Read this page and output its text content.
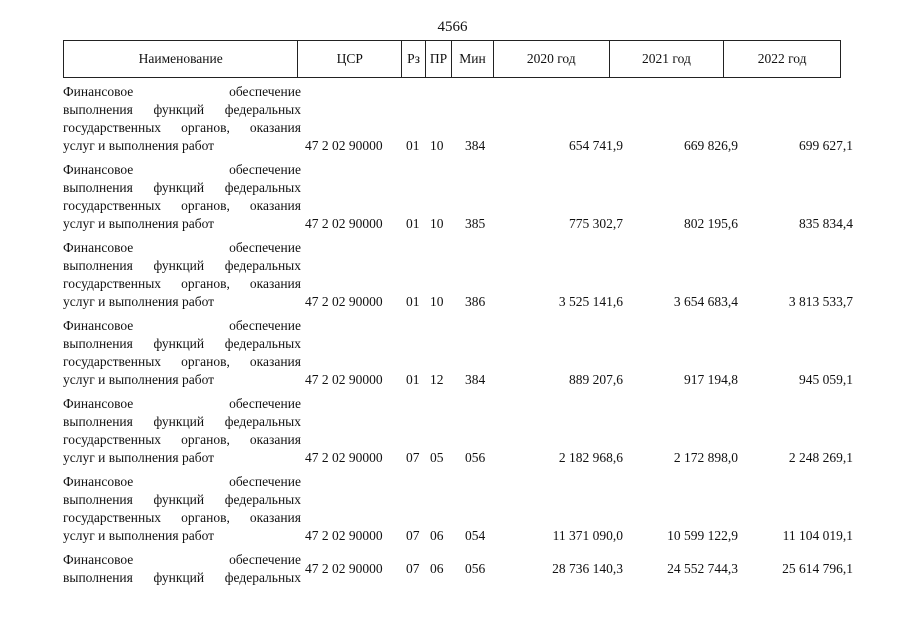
4566
Наименование	ЦСР	Рз ПР Мин	2020 год	2021 год	2022 год
Финансовое обеспечение
выполнения функций федеральных
государственных органов, оказания
услуг и выполнения работ	47 2 02 90000 01 10 384	654 741,9	669 826,9	699 627,1
Финансовое обеспечение
выполнения функций федеральных
государственных органов, оказания
услуг и выполнения работ	47 2 02 90000 01 10 385	775 302,7	802 195,6	835 834,4
Финансовое обеспечение
выполнения функций федеральных
государственных органов, оказания
услуг и выполнения работ	47 2 02 90000 01 10 386	3 525 141,6	3 654 683,4	3 813 533,7
Финансовое обеспечение
выполнения функций федеральных
государственных органов, оказания
услуг и выполнения работ	47 2 02 90000 01 12 384	889 207,6	917 194,8	945 059,1
Финансовое обеспечение
выполнения функций федеральных
государственных органов, оказания
услуг и выполнения работ	47 2 02 90000 07 05 056	2 182 968,6	2 172 898,0	2 248 269,1
Финансовое обеспечение
выполнения функций федеральных
государственных органов, оказания
услуг и выполнения работ	47 2 02 90000 07 06 054	11 371 090,0	10 599 122,9	11 104 019,1
Финансовое обеспечение
выполнения функций федеральных
47 2 02 90000 07 06 056	28 736 140,3	24 552 744,3	25 614 796,1
